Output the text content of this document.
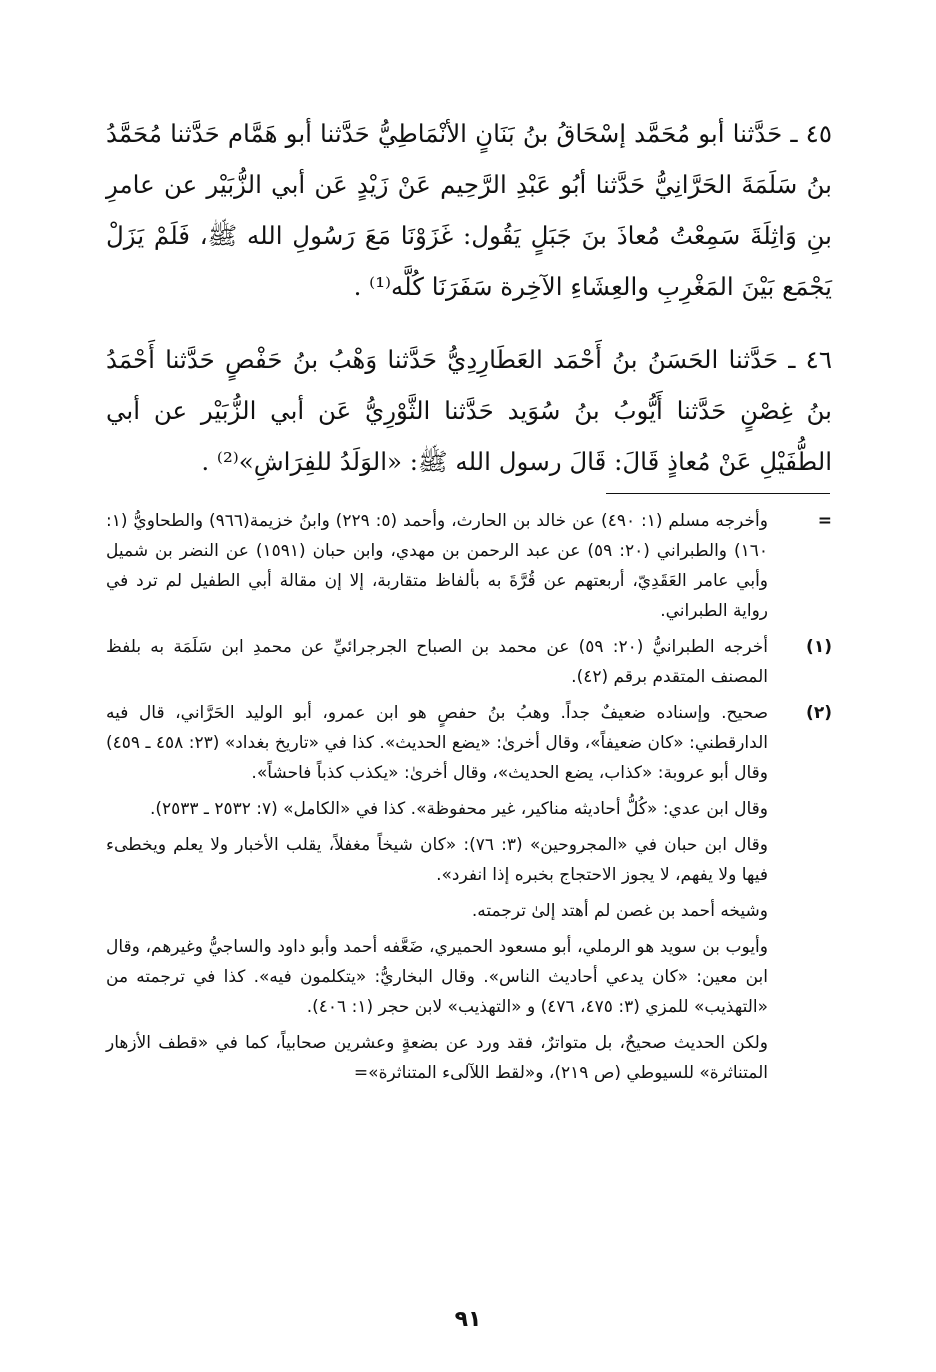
٤٥ ـ حَدَّثنا أبو مُحَمَّد إسْحَاقُ بنُ بَنَانٍ الأنْمَاطِيُّ حَدَّثنا أبو هَمَّام حَدَّثنا مُحَمَّدُ بنُ سَلَمَةَ الحَرَّانِيُّ حَدَّثنا أبُو عَبْدِ الرَّحِيم عَنْ زَيْدٍ عَن أبي الزُّبَيْر عن عامرِ بنِ وَاثِلَةَ سَمِعْتُ مُعاذَ بنَ جَبَلٍ يَقُول: غَزَوْنَا مَعَ رَسُولِ الله ﷺ، فَلَمْ يَزَلْ يَجْمَع بَيْنَ المَغْرِبِ والعِشَاءِ الآخِرة سَفَرَنَا كُلَّه⁽¹⁾ .

٤٦ ـ حَدَّثنا الحَسَنُ بنُ أَحْمَد العَطَارِدِيُّ حَدَّثنا وَهْبُ بنُ حَفْصٍ حَدَّثنا أَحْمَدُ بنُ غِصْنٍ حَدَّثنا أَيُّوبُ بنُ سُوَيد حَدَّثنا الثَّوْرِيُّ عَن أبي الزُّبَيْر عن أبي الطُّفَيْلِ عَنْ مُعاذٍ قَالَ: قَالَ رسول الله ﷺ: «الوَلَدُ للفِرَاشِ»⁽²⁾ .

=

وأخرجه مسلم (١: ٤٩٠) عن خالد بن الحارث، وأحمد (٥: ٢٢٩) وابنُ خزيمة(٩٦٦) والطحاويُّ (١: ١٦٠) والطبراني (٢٠: ٥٩) عن عبد الرحمن بن مهدي، وابن حبان (١٥٩١) عن النضر بن شميل وأبي عامر العَقَدِيّ، أربعتهم عن قُرَّةَ به بألفاظ متقاربة، إلا إن مقالة أبي الطفيل لم ترد في رواية الطبراني.

(١)

أخرجه الطبرانيُّ (٢٠: ٥٩) عن محمد بن الصباح الجرجرائيِّ عن محمدِ ابن سَلَمَة به بلفظ المصنف المتقدم برقم (٤٢).

(٢)

صحيح. وإسناده ضعيفٌ جداً. وهبُ بنُ حفصٍ هو ابن عمرو، أبو الوليد الحَرَّاني، قال فيه الدارقطني: «كان ضعيفاً»، وقال أخرىٰ: «يضع الحديث». كذا في «تاريخ بغداد» (٢٣: ٤٥٨ ـ ٤٥٩) وقال أبو عروبة: «كذاب، يضع الحديث»، وقال أخرىٰ: «يكذب كذباً فاحشاً».

وقال ابن عدي: «كُلُّ أحاديثه مناكير، غير محفوظة». كذا في «الكامل» (٧: ٢٥٣٢ ـ ٢٥٣٣).

وقال ابن حبان في «المجروحين» (٣: ٧٦): «كان شيخاً مغفلاً، يقلب الأخبار ولا يعلم ويخطىء فيها ولا يفهم، لا يجوز الاحتجاج بخبره إذا انفرد».

وشيخه أحمد بن غصن لم أهتد إلىٰ ترجمته.

وأيوب بن سويد هو الرملي، أبو مسعود الحميري، ضَعَّفه أحمد وأبو داود والساجيُّ وغيرهم، وقال ابن معين: «كان يدعي أحاديث الناس». وقال البخاريُّ: «يتكلمون فيه». كذا في ترجمته من «التهذيب» للمزي (٣: ٤٧٥، ٤٧٦) و «التهذيب» لابن حجر (١: ٤٠٦).

ولكن الحديث صحيحٌ، بل متواترٌ، فقد ورد عن بضعةٍ وعشرين صحابياً، كما في «قطف الأزهار المتناثرة» للسيوطي (ص ٢١٩)، و«لقط اللآلىء المتناثرة»=

٩١
